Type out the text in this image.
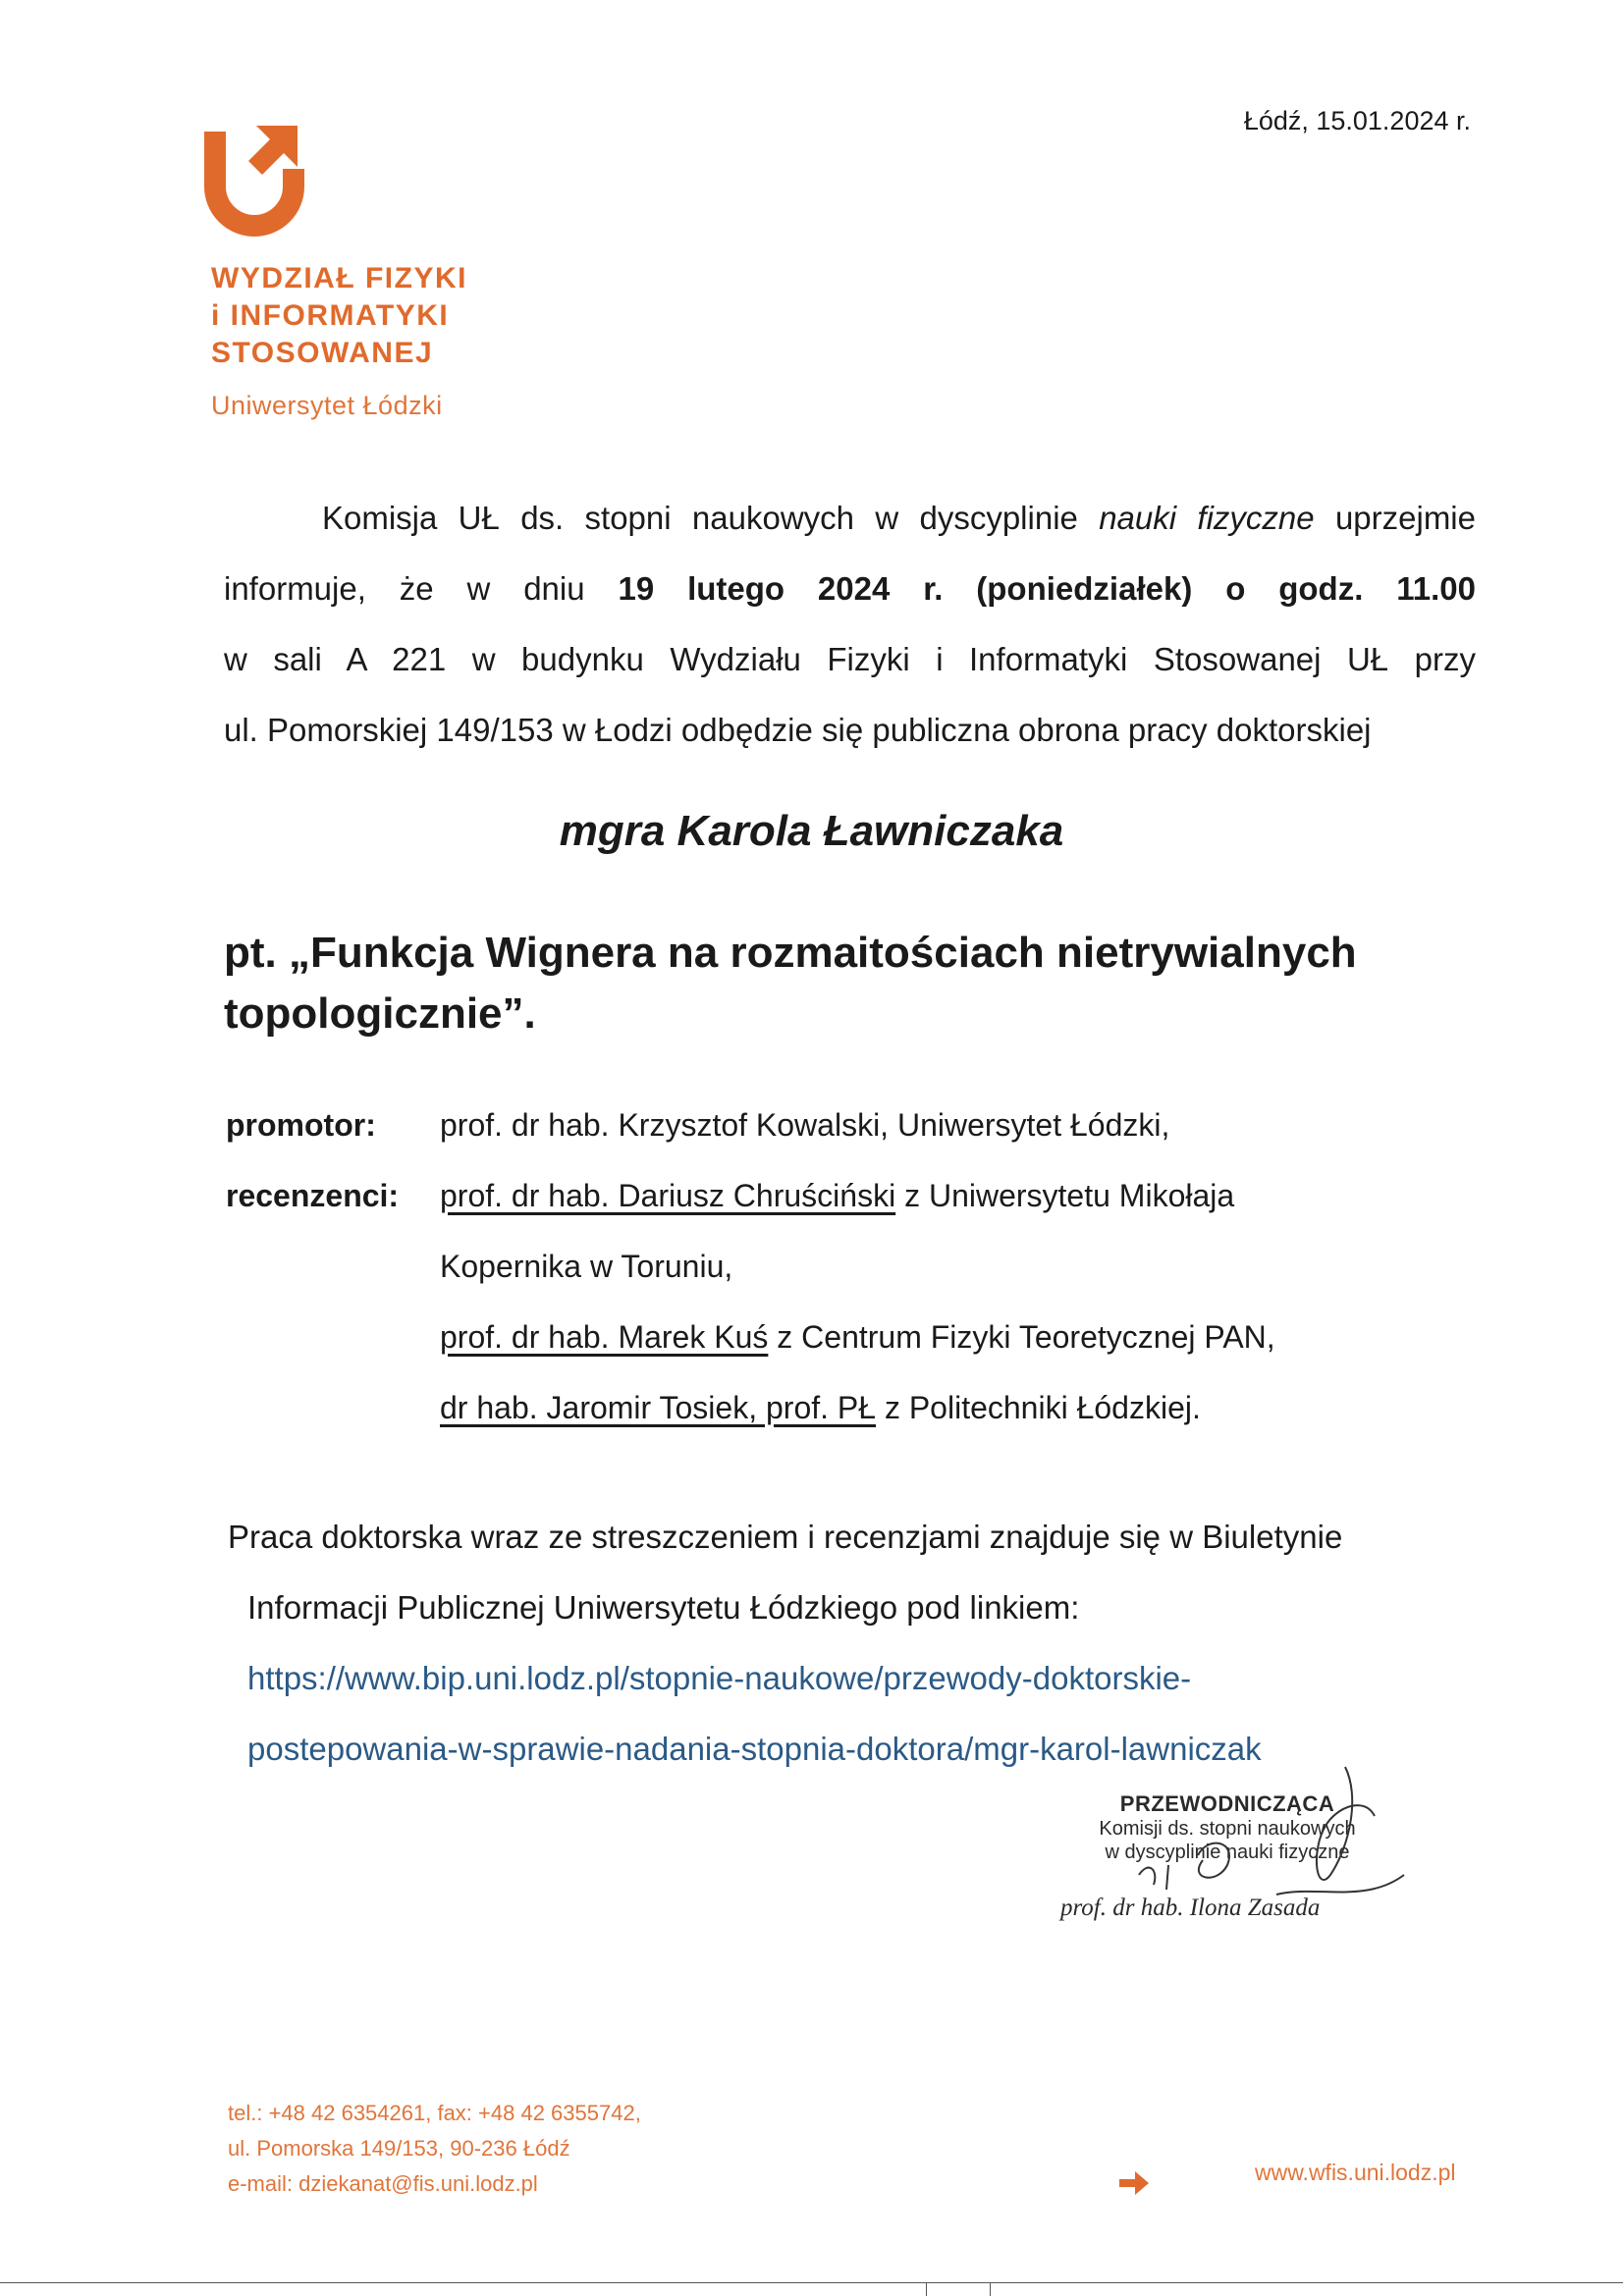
Łódź, 15.01.2024 r.
WYDZIAŁ FIZYKI
i INFORMATYKI
STOSOWANEJ
Uniwersytet Łódzki

Komisja UŁ ds. stopni naukowych w dyscyplinie nauki fizyczne uprzejmie

informuje, że w dniu 19 lutego 2024 r. (poniedziałek) o godz. 11.00

w sali A 221 w budynku Wydziału Fizyki i Informatyki Stosowanej UŁ przy

ul. Pomorskiej 149/153 w Łodzi odbędzie się publiczna obrona pracy doktorskiej

mgra Karola Ławniczaka
pt. „Funkcja Wignera na rozmaitościach nietrywialnych topologicznie”.
promotor: prof. dr hab. Krzysztof Kowalski, Uniwersytet Łódzki,
recenzenci: prof. dr hab. Dariusz Chruściński z Uniwersytetu Mikołaja
Kopernika w Toruniu,
prof. dr hab. Marek Kuś z Centrum Fizyki Teoretycznej PAN,
dr hab. Jaromir Tosiek, prof. PŁ z Politechniki Łódzkiej.

Praca doktorska wraz ze streszczeniem i recenzjami znajduje się w Biuletynie

Informacji Publicznej Uniwersytetu Łódzkiego pod linkiem:

https://www.bip.uni.lodz.pl/stopnie-naukowe/przewody-doktorskie-

postepowania-w-sprawie-nadania-stopnia-doktora/mgr-karol-lawniczak

PRZEWODNICZĄCA
Komisji ds. stopni naukowych
w dyscyplinie nauki fizyczne
prof. dr hab. Ilona Zasada
tel.: +48 42 6354261, fax: +48 42 6355742,
ul. Pomorska 149/153, 90-236 Łódź
e-mail: dziekanat@fis.uni.lodz.pl	www.wfis.uni.lodz.pl
